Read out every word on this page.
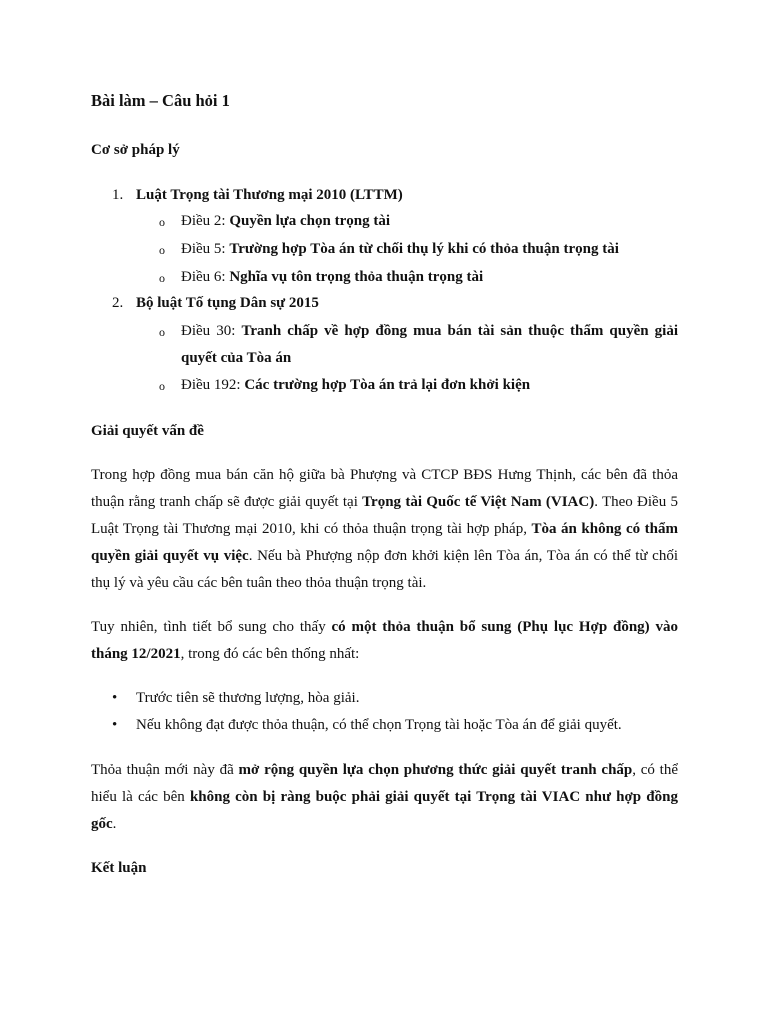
Bài làm – Câu hỏi 1
Cơ sở pháp lý
1. Luật Trọng tài Thương mại 2010 (LTTM)
o Điều 2: Quyền lựa chọn trọng tài
o Điều 5: Trường hợp Tòa án từ chối thụ lý khi có thỏa thuận trọng tài
o Điều 6: Nghĩa vụ tôn trọng thỏa thuận trọng tài
2. Bộ luật Tố tụng Dân sự 2015
o Điều 30: Tranh chấp về hợp đồng mua bán tài sản thuộc thẩm quyền giải
quyết của Tòa án
o Điều 192: Các trường hợp Tòa án trả lại đơn khởi kiện
Giải quyết vấn đề
Trong hợp đồng mua bán căn hộ giữa bà Phượng và CTCP BĐS Hưng Thịnh, các bên đã thỏa
thuận rằng tranh chấp sẽ được giải quyết tại Trọng tài Quốc tế Việt Nam (VIAC). Theo Điều 5
Luật Trọng tài Thương mại 2010, khi có thỏa thuận trọng tài hợp pháp, Tòa án không có thẩm
quyền giải quyết vụ việc. Nếu bà Phượng nộp đơn khởi kiện lên Tòa án, Tòa án có thể từ chối
thụ lý và yêu cầu các bên tuân theo thỏa thuận trọng tài.
Tuy nhiên, tình tiết bổ sung cho thấy có một thỏa thuận bổ sung (Phụ lục Hợp đồng) vào
tháng 12/2021, trong đó các bên thống nhất:
• Trước tiên sẽ thương lượng, hòa giải.
• Nếu không đạt được thỏa thuận, có thể chọn Trọng tài hoặc Tòa án để giải quyết.
Thỏa thuận mới này đã mở rộng quyền lựa chọn phương thức giải quyết tranh chấp, có thể
hiểu là các bên không còn bị ràng buộc phải giải quyết tại Trọng tài VIAC như hợp đồng
gốc.
Kết luận
